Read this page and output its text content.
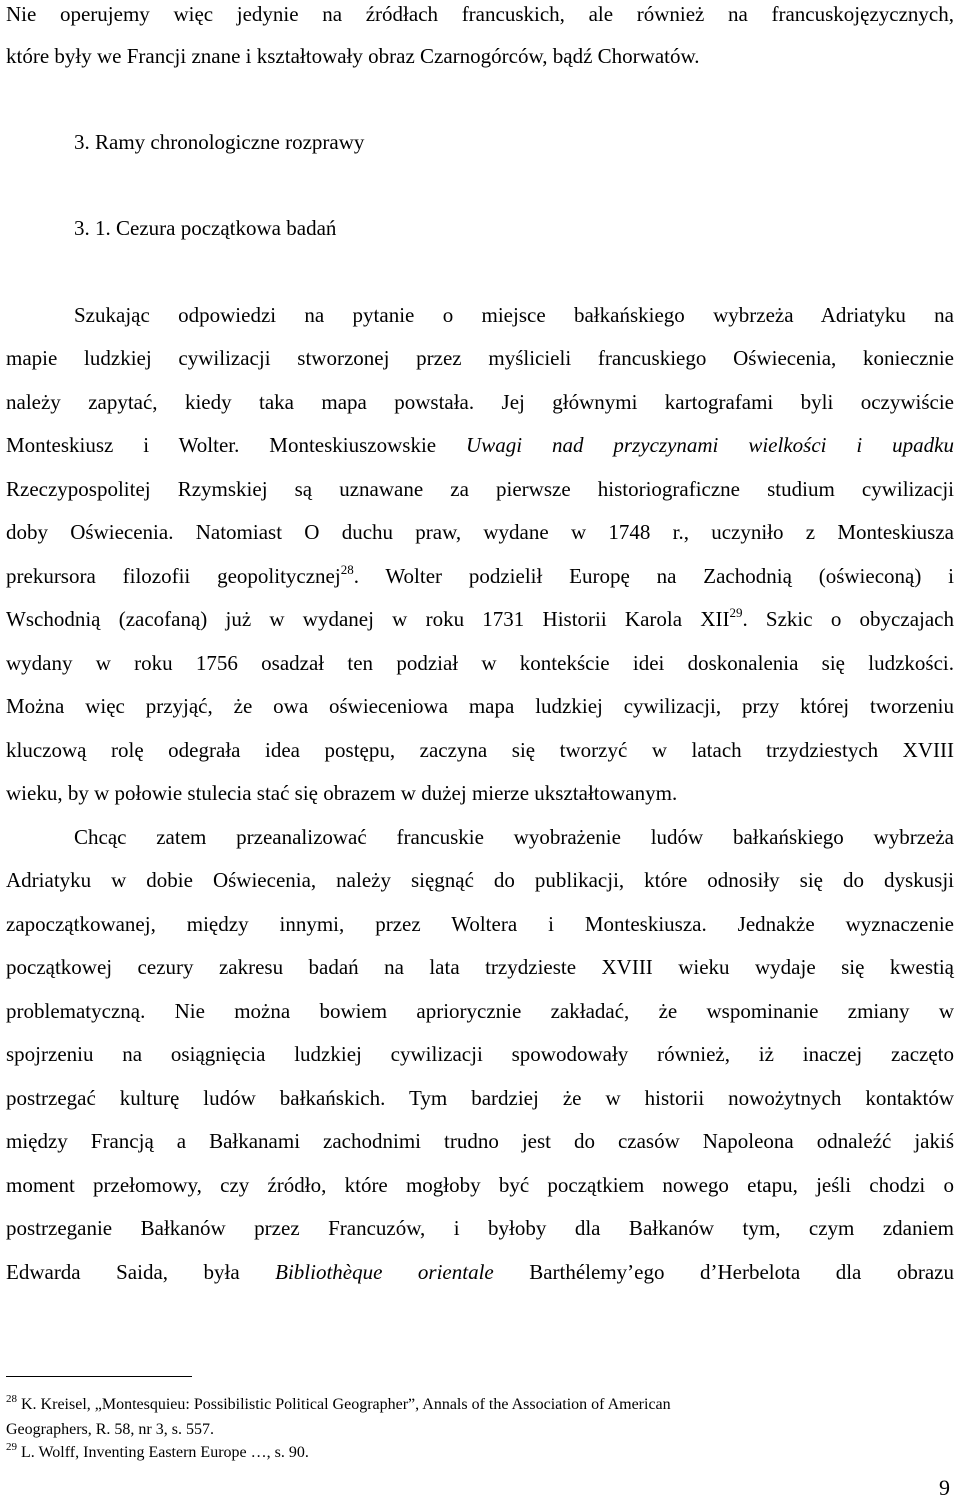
Nie operujemy więc jedynie na źródłach francuskich, ale również na francuskojęzycznych,
które były we Francji znane i kształtowały obraz Czarnogórców, bądź Chorwatów.
3. Ramy chronologiczne rozprawy
3. 1. Cezura początkowa badań
Szukając odpowiedzi na pytanie o miejsce bałkańskiego wybrzeża Adriatyku na
mapie ludzkiej cywilizacji stworzonej przez myślicieli francuskiego Oświecenia, koniecznie
należy zapytać, kiedy taka mapa powstała. Jej głównymi kartografami byli oczywiście
Monteskiusz i Wolter. Monteskiuszowskie Uwagi nad przyczynami wielkości i upadku
Rzeczypospolitej Rzymskiej są uznawane za pierwsze historiograficzne studium cywilizacji
doby Oświecenia. Natomiast O duchu praw, wydane w 1748 r., uczyniło z Monteskiusza
prekursora filozofii geopolitycznej$^{28}$. Wolter podzielił Europę na Zachodnią (oświeconą) i
Wschodnią (zacofaną) już w wydanej w roku 1731 Historii Karola XII$^{29}$. Szkic o obyczajach
wydany w roku 1756 osadzał ten podział w kontekście idei doskonalenia się ludzkości.
Można więc przyjąć, że owa oświeceniowa mapa ludzkiej cywilizacji, przy której tworzeniu
kluczową rolę odegrała idea postępu, zaczyna się tworzyć w latach trzydziestych XVIII
wieku, by w połowie stulecia stać się obrazem w dużej mierze ukształtowanym.
Chcąc zatem przeanalizować francuskie wyobrażenie ludów bałkańskiego wybrzeża
Adriatyku w dobie Oświecenia, należy sięgnąć do publikacji, które odnosiły się do dyskusji
zapoczątkowanej, między innymi, przez Woltera i Monteskiusza. Jednakże wyznaczenie
początkowej cezury zakresu badań na lata trzydzieste XVIII wieku wydaje się kwestią
problematyczną. Nie można bowiem apriorycznie zakładać, że wspominanie zmiany w
spojrzeniu na osiągnięcia ludzkiej cywilizacji spowodowały również, iż inaczej zaczęto
postrzegać kulturę ludów bałkańskich. Tym bardziej że w historii nowożytnych kontaktów
między Francją a Bałkanami zachodnimi trudno jest do czasów Napoleona odnaleźć jakiś
moment przełomowy, czy źródło, które mogłoby być początkiem nowego etapu, jeśli chodzi o
postrzeganie Bałkanów przez Francuzów, i byłoby dla Bałkanów tym, czym zdaniem
Edwarda Saida, była Bibliothèque orientale Barthélemy’ego d’Herbelota dla obrazu
$^{28}$ K. Kreisel, „Montesquieu: Possibilistic Political Geographer”, Annals of the Association of American
Geographers, R. 58, nr 3, s. 557.
$^{29}$ L. Wolff, Inventing Eastern Europe …, s. 90.
9
